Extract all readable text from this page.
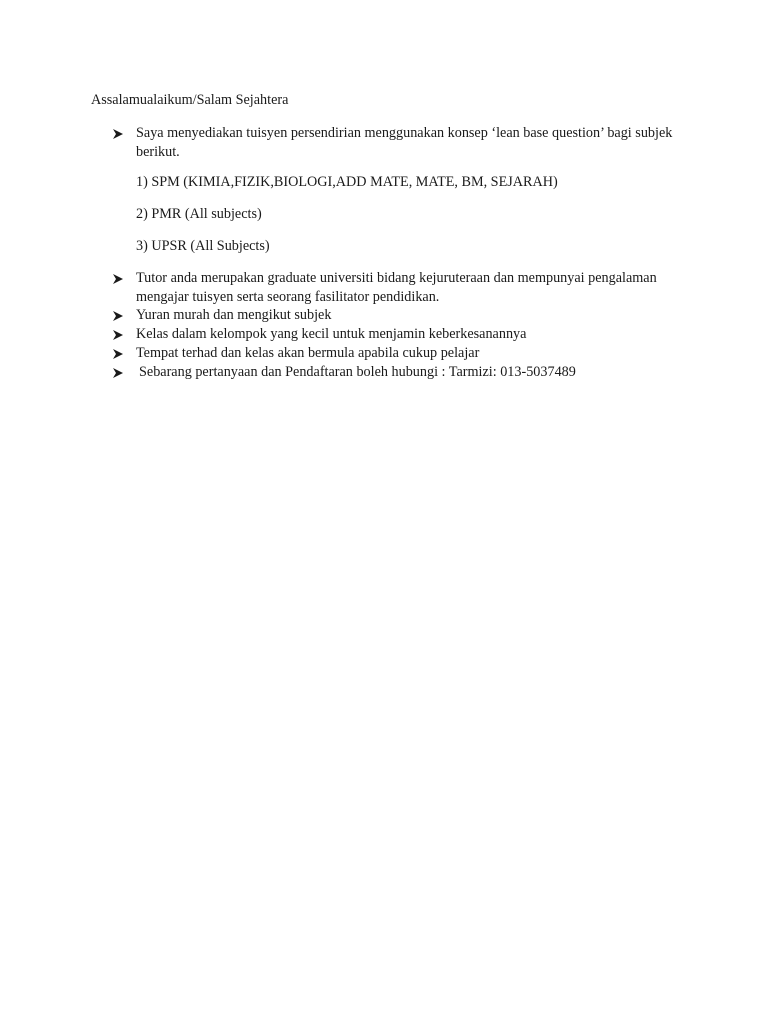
Assalamualaikum/Salam Sejahtera
Saya menyediakan tuisyen persendirian menggunakan konsep ‘lean base question’ bagi subjek berikut.
1) SPM (KIMIA,FIZIK,BIOLOGI,ADD MATE, MATE, BM, SEJARAH)
2) PMR (All subjects)
3) UPSR (All Subjects)
Tutor anda merupakan graduate universiti bidang kejuruteraan dan mempunyai pengalaman mengajar tuisyen serta seorang fasilitator pendidikan.
Yuran murah dan mengikut subjek
Kelas dalam kelompok yang kecil untuk menjamin keberkesanannya
Tempat terhad dan kelas akan bermula apabila cukup pelajar
Sebarang pertanyaan dan Pendaftaran boleh hubungi : Tarmizi: 013-5037489
